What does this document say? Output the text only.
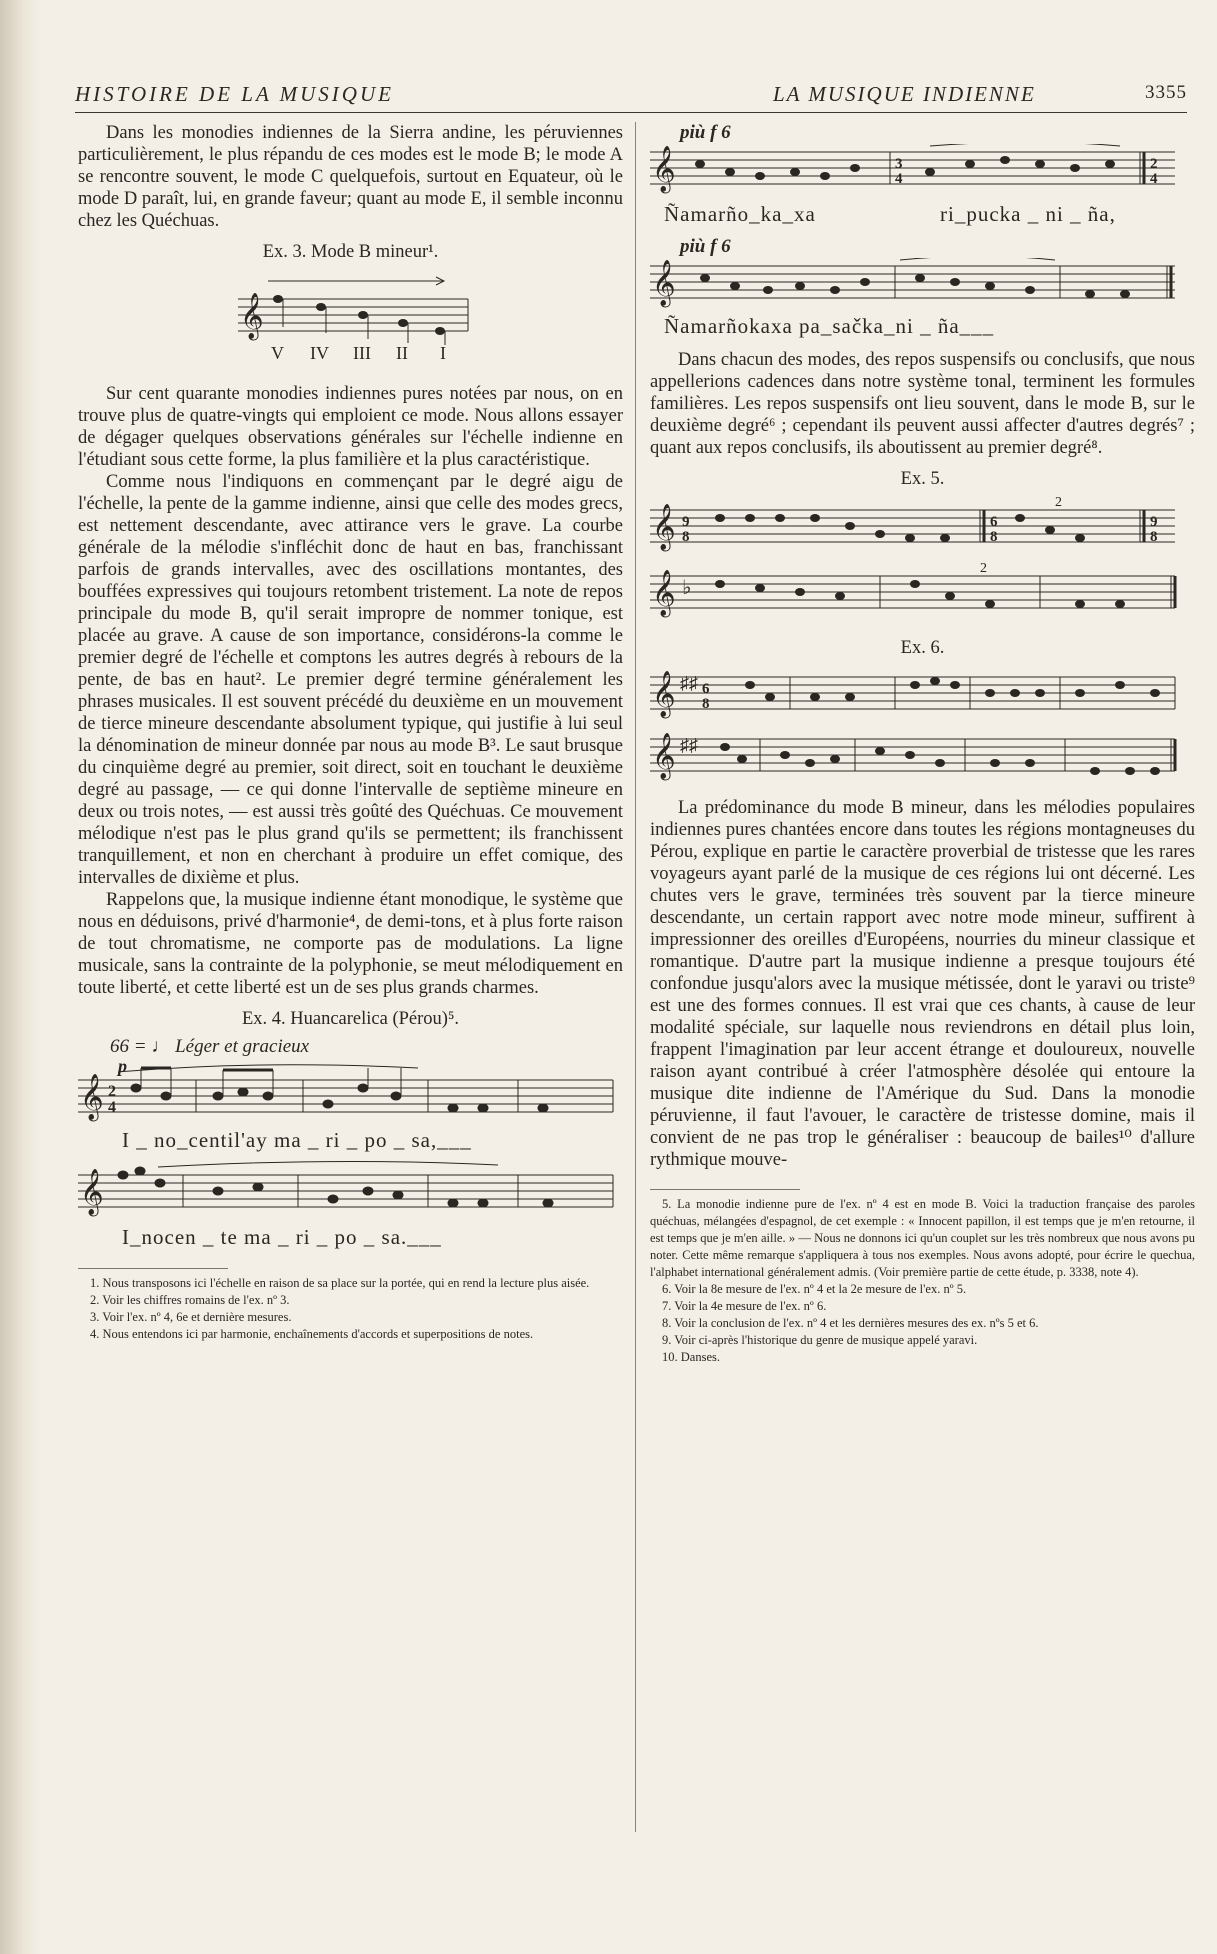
HISTOIRE DE LA MUSIQUE	LA MUSIQUE INDIENNE	3355

Dans les monodies indiennes de la Sierra andine, les péruviennes particulièrement, le plus répandu de ces modes est le mode B; le mode A se rencontre souvent, le mode C quelquefois, surtout en Equateur, où le mode D paraît, lui, en grande faveur; quant au mode E, il semble inconnu chez les Quéchuas.

Ex. 3. Mode B mineur¹.
𝄞
V IV III II I

Sur cent quarante monodies indiennes pures notées par nous, on en trouve plus de quatre-vingts qui emploient ce mode. Nous allons essayer de dégager quelques observations générales sur l'échelle indienne en l'étudiant sous cette forme, la plus familière et la plus caractéristique.

Comme nous l'indiquons en commençant par le degré aigu de l'échelle, la pente de la gamme indienne, ainsi que celle des modes grecs, est nettement descendante, avec attirance vers le grave. La courbe générale de la mélodie s'infléchit donc de haut en bas, franchissant parfois de grands intervalles, avec des oscillations montantes, des bouffées expressives qui toujours retombent tristement. La note de repos principale du mode B, qu'il serait impropre de nommer tonique, est placée au grave. A cause de son importance, considérons-la comme le premier degré de l'échelle et comptons les autres degrés à rebours de la pente, de bas en haut². Le premier degré termine généralement les phrases musicales. Il est souvent précédé du deuxième en un mouvement de tierce mineure descendante absolument typique, qui justifie à lui seul la dénomination de mineur donnée par nous au mode B³. Le saut brusque du cinquième degré au premier, soit direct, soit en touchant le deuxième degré au passage, — ce qui donne l'intervalle de septième mineure en deux ou trois notes, — est aussi très goûté des Quéchuas. Ce mouvement mélodique n'est pas le plus grand qu'ils se permettent; ils franchissent tranquillement, et non en cherchant à produire un effet comique, des intervalles de dixième et plus.

Rappelons que, la musique indienne étant monodique, le système que nous en déduisons, privé d'harmonie⁴, de demi-tons, et à plus forte raison de tout chromatisme, ne comporte pas de modulations. La ligne musicale, sans la contrainte de la polyphonie, se meut mélodiquement en toute liberté, et cette liberté est un de ses plus grands charmes.

Ex. 4. Huancarelica (Pérou)⁵.
66 = ♩ Léger et gracieux
𝄞 2
4
p
I _ no_centil'ay ma _ ri _ po _ sa,___
𝄞
I_nocen _ te ma _ ri _ po _ sa.___

1. Nous transposons ici l'échelle en raison de sa place sur la portée, qui en rend la lecture plus aisée.

2. Voir les chiffres romains de l'ex. nº 3.

3. Voir l'ex. nº 4, 6e et dernière mesures.

4. Nous entendons ici par harmonie, enchaînements d'accords et superpositions de notes.

più f 6
𝄞	3
4
2
4
Ñamarño_ka_xa	ri_pucka _ ni _ ña,
più f 6
𝄞
Ñamarñokaxa pa_sačka_ni _ ña___

Dans chacun des modes, des repos suspensifs ou conclusifs, que nous appellerions cadences dans notre système tonal, terminent les formules familières. Les repos suspensifs ont lieu souvent, dans le mode B, sur le deuxième degré⁶ ; cependant ils peuvent aussi affecter d'autres degrés⁷ ; quant aux repos conclusifs, ils aboutissent au premier degré⁸.

Ex. 5.
𝄞 9
8
6
8
9
8
2
𝄞 ♭
2
Ex. 6.
𝄞 ♯♯ 6
8
𝄞 ♯♯

La prédominance du mode B mineur, dans les mélodies populaires indiennes pures chantées encore dans toutes les régions montagneuses du Pérou, explique en partie le caractère proverbial de tristesse que les rares voyageurs ayant parlé de la musique de ces régions lui ont décerné. Les chutes vers le grave, terminées très souvent par la tierce mineure descendante, un certain rapport avec notre mode mineur, suffirent à impressionner des oreilles d'Européens, nourries du mineur classique et romantique. D'autre part la musique indienne a presque toujours été confondue jusqu'alors avec la musique métissée, dont le yaravi ou triste⁹ est une des formes connues. Il est vrai que ces chants, à cause de leur modalité spéciale, sur laquelle nous reviendrons en détail plus loin, frappent l'imagination par leur accent étrange et douloureux, nouvelle raison ayant contribué à créer l'atmosphère désolée qui entoure la musique dite indienne de l'Amérique du Sud. Dans la monodie péruvienne, il faut l'avouer, le caractère de tristesse domine, mais il convient de ne pas trop le généraliser : beaucoup de bailes¹⁰ d'allure rythmique mouve-

5. La monodie indienne pure de l'ex. nº 4 est en mode B. Voici la traduction française des paroles quéchuas, mélangées d'espagnol, de cet exemple : « Innocent papillon, il est temps que je m'en retourne, il est temps que je m'en aille. » — Nous ne donnons ici qu'un couplet sur les très nombreux que nous avons pu noter. Cette même remarque s'appliquera à tous nos exemples. Nous avons adopté, pour écrire le quechua, l'alphabet international généralement admis. (Voir première partie de cette étude, p. 3338, note 4).

6. Voir la 8e mesure de l'ex. nº 4 et la 2e mesure de l'ex. nº 5.

7. Voir la 4e mesure de l'ex. nº 6.

8. Voir la conclusion de l'ex. nº 4 et les dernières mesures des ex. nºs 5 et 6.

9. Voir ci-après l'historique du genre de musique appelé yaravi.

10. Danses.
